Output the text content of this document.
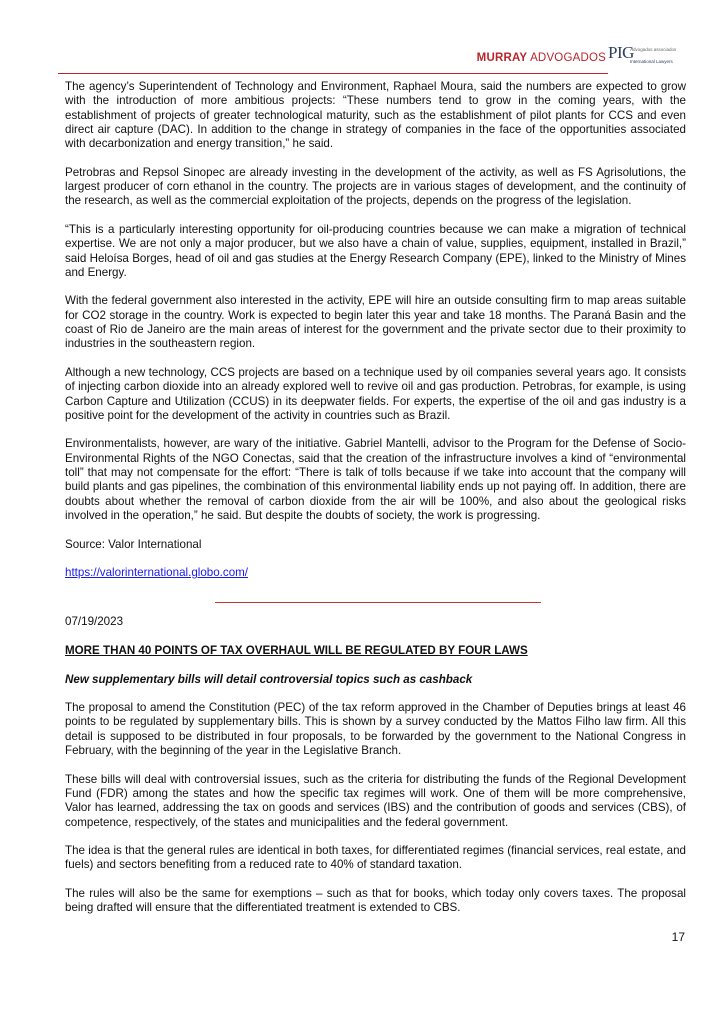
MURRAY ADVOGADOS PIG
Advogados associados
International Lawyers

The agency’s Superintendent of Technology and Environment, Raphael Moura, said the numbers are expected to grow with the introduction of more ambitious projects: “These numbers tend to grow in the coming years, with the establishment of projects of greater technological maturity, such as the establishment of pilot plants for CCS and even direct air capture (DAC). In addition to the change in strategy of companies in the face of the opportunities associated with decarbonization and energy transition,” he said.

Petrobras and Repsol Sinopec are already investing in the development of the activity, as well as FS Agrisolutions, the largest producer of corn ethanol in the country. The projects are in various stages of development, and the continuity of the research, as well as the commercial exploitation of the projects, depends on the progress of the legislation.

“This is a particularly interesting opportunity for oil-producing countries because we can make a migration of technical expertise. We are not only a major producer, but we also have a chain of value, supplies, equipment, installed in Brazil,” said Heloísa Borges, head of oil and gas studies at the Energy Research Company (EPE), linked to the Ministry of Mines and Energy.

With the federal government also interested in the activity, EPE will hire an outside consulting firm to map areas suitable for CO2 storage in the country. Work is expected to begin later this year and take 18 months. The Paraná Basin and the coast of Rio de Janeiro are the main areas of interest for the government and the private sector due to their proximity to industries in the southeastern region.

Although a new technology, CCS projects are based on a technique used by oil companies several years ago. It consists of injecting carbon dioxide into an already explored well to revive oil and gas production. Petrobras, for example, is using Carbon Capture and Utilization (CCUS) in its deepwater fields. For experts, the expertise of the oil and gas industry is a positive point for the development of the activity in countries such as Brazil.

Environmentalists, however, are wary of the initiative. Gabriel Mantelli, advisor to the Program for the Defense of Socio-Environmental Rights of the NGO Conectas, said that the creation of the infrastructure involves a kind of “environmental toll” that may not compensate for the effort: “There is talk of tolls because if we take into account that the company will build plants and gas pipelines, the combination of this environmental liability ends up not paying off. In addition, there are doubts about whether the removal of carbon dioxide from the air will be 100%, and also about the geological risks involved in the operation,” he said. But despite the doubts of society, the work is progressing.

Source: Valor International

https://valorinternational.globo.com/

07/19/2023

MORE THAN 40 POINTS OF TAX OVERHAUL WILL BE REGULATED BY FOUR LAWS

New supplementary bills will detail controversial topics such as cashback

The proposal to amend the Constitution (PEC) of the tax reform approved in the Chamber of Deputies brings at least 46 points to be regulated by supplementary bills. This is shown by a survey conducted by the Mattos Filho law firm. All this detail is supposed to be distributed in four proposals, to be forwarded by the government to the National Congress in February, with the beginning of the year in the Legislative Branch.

These bills will deal with controversial issues, such as the criteria for distributing the funds of the Regional Development Fund (FDR) among the states and how the specific tax regimes will work. One of them will be more comprehensive, Valor has learned, addressing the tax on goods and services (IBS) and the contribution of goods and services (CBS), of competence, respectively, of the states and municipalities and the federal government.

The idea is that the general rules are identical in both taxes, for differentiated regimes (financial services, real estate, and fuels) and sectors benefiting from a reduced rate to 40% of standard taxation.

The rules will also be the same for exemptions – such as that for books, which today only covers taxes. The proposal being drafted will ensure that the differentiated treatment is extended to CBS.

17
